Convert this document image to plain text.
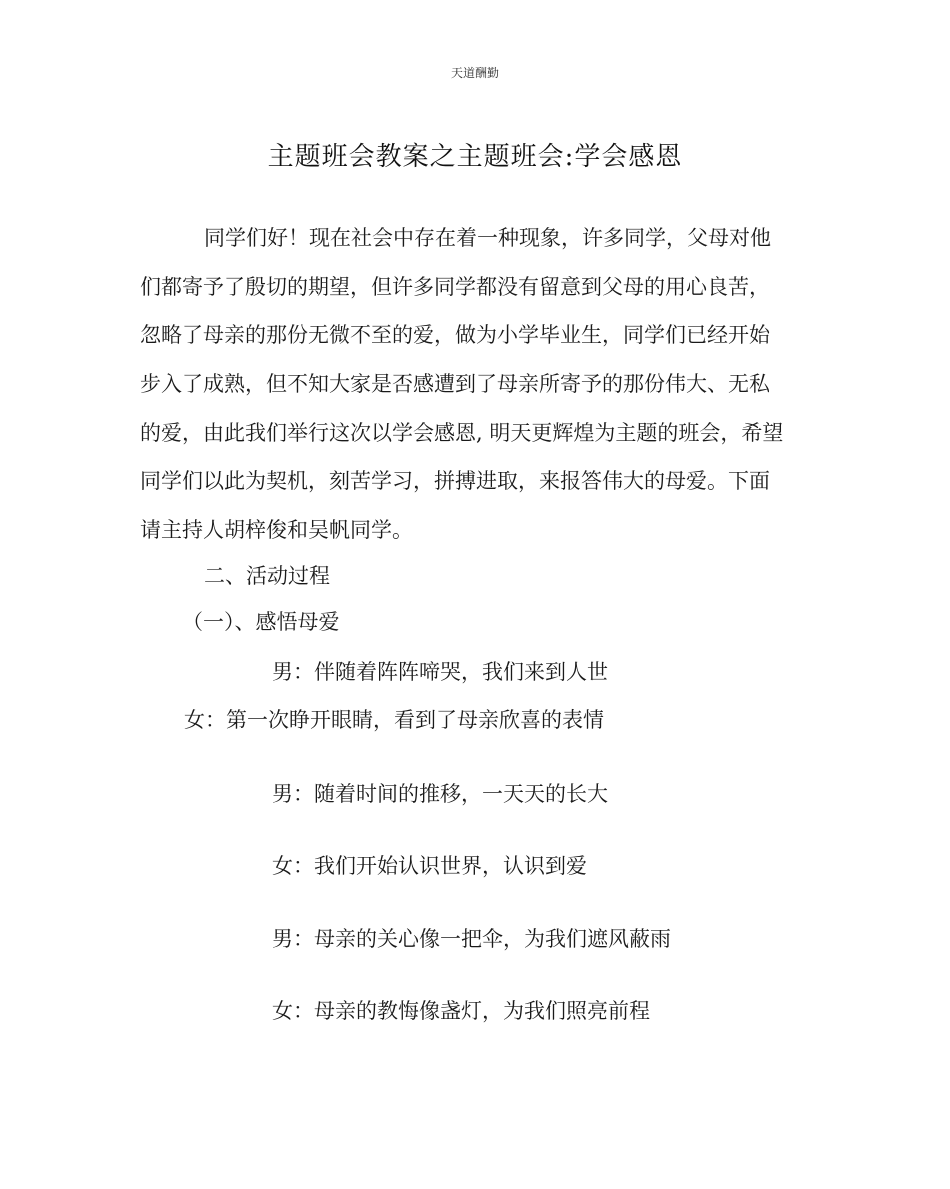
天道酬勤
主题班会教案之主题班会:学会感恩
同学们好！现在社会中存在着一种现象，许多同学，父母对他
们都寄予了殷切的期望，但许多同学都没有留意到父母的用心良苦，
忽略了母亲的那份无微不至的爱，做为小学毕业生，同学们已经开始
步入了成熟，但不知大家是否感遭到了母亲所寄予的那份伟大、无私
的爱，由此我们举行这次以学会感恩, 明天更辉煌为主题的班会，希望
同学们以此为契机，刻苦学习，拼搏进取，来报答伟大的母爱。下面
请主持人胡梓俊和吴帆同学。
二、活动过程
（一）、感悟母爱
男：伴随着阵阵啼哭，我们来到人世
女：第一次睁开眼睛，看到了母亲欣喜的表情
男：随着时间的推移，一天天的长大
女：我们开始认识世界，认识到爱
男：母亲的关心像一把伞，为我们遮风蔽雨
女：母亲的教悔像盏灯，为我们照亮前程
